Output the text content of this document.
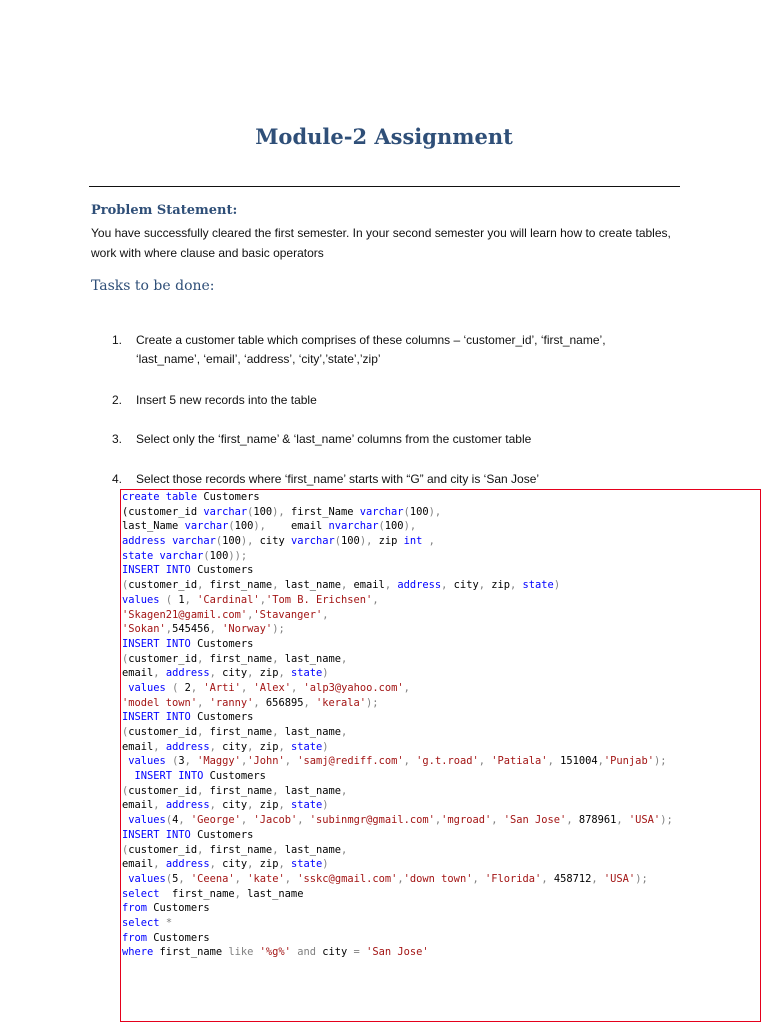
Module-2 Assignment
Problem Statement:
You have successfully cleared the first semester. In your second semester you will learn how to create tables, work with where clause and basic operators
Tasks to be done:
1.	Create a customer table which comprises of these columns – ‘customer_id’, ‘first_name’, ‘last_name’, ‘email’, ‘address’, ‘city’,’state’,’zip’
2.	Insert 5 new records into the table
3.	Select only the ‘first_name’ & ‘last_name’ columns from the customer table
4.	Select those records where ‘first_name’ starts with “G” and city is ‘San Jose’
create table Customers
(customer_id varchar(100), first_Name varchar(100),
last_Name varchar(100),    email nvarchar(100),
address varchar(100), city varchar(100), zip int ,
state varchar(100));
INSERT INTO Customers
(customer_id, first_name, last_name, email, address, city, zip, state)
values ( 1, 'Cardinal','Tom B. Erichsen',
'Skagen21@gamil.com','Stavanger',
'Sokan',545456, 'Norway');
INSERT INTO Customers
(customer_id, first_name, last_name,
email, address, city, zip, state)
values ( 2, 'Arti', 'Alex', 'alp3@yahoo.com',
'model town', 'ranny', 656895, 'kerala');
INSERT INTO Customers
(customer_id, first_name, last_name,
email, address, city, zip, state)
values (3, 'Maggy','John', 'samj@rediff.com', 'g.t.road', 'Patiala', 151004,'Punjab');
INSERT INTO Customers
(customer_id, first_name, last_name,
email, address, city, zip, state)
values(4, 'George', 'Jacob', 'subinmgr@gmail.com','mgroad', 'San Jose', 878961, 'USA');
INSERT INTO Customers
(customer_id, first_name, last_name,
email, address, city, zip, state)
values(5, 'Ceena', 'kate', 'sskc@gmail.com','down town', 'Florida', 458712, 'USA');
select  first_name, last_name
from Customers
select *
from Customers
where first_name like '%g%' and city = 'San Jose'
